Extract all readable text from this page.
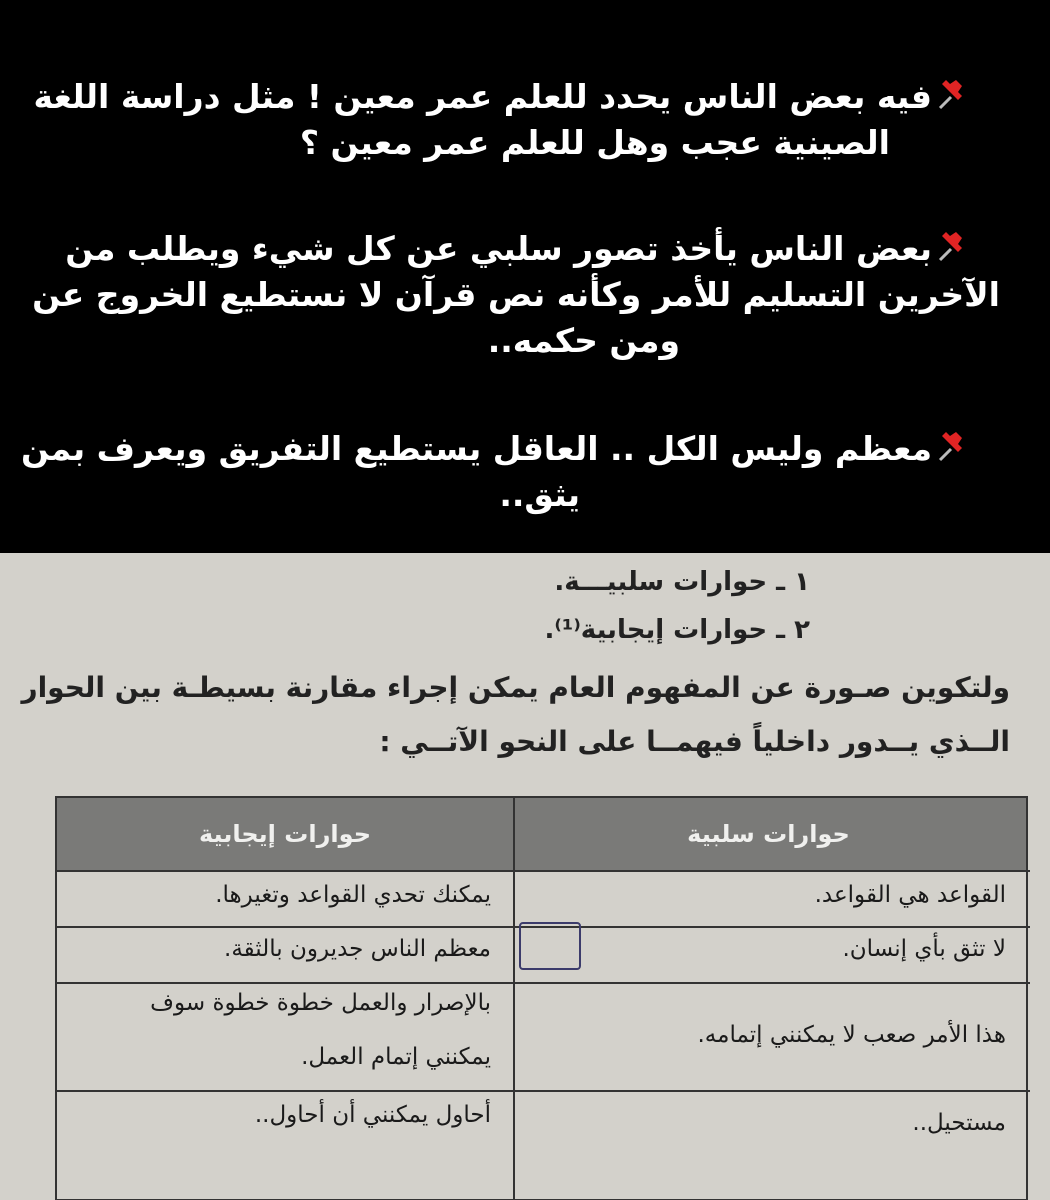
فيه بعض الناس يحدد للعلم عمر معين ! مثل دراسة اللغة
الصينية عجب وهل للعلم عمر معين ؟
بعض الناس يأخذ تصور سلبي عن كل شيء ويطلب من
الآخرين التسليم للأمر وكأنه نص قرآن لا نستطيع الخروج عن
ومن حكمه..
معظم وليس الكل .. العاقل يستطيع التفريق ويعرف بمن
يثق..
١ ـ حوارات سلبيـــة.
٢ ـ حوارات إيجابية⁽¹⁾.
ولتكوين صـورة عن المفهوم العام يمكن إجراء مقارنة بسيطـة بين الحوار
الــذي يــدور داخلياً فيهمــا على النحو الآتــي :
حوارات سلبية
حوارات إيجابية
القواعد هي القواعد.
يمكنك تحدي القواعد وتغيرها.
لا تثق بأي إنسان.
معظم الناس جديرون بالثقة.
هذا الأمر صعب لا يمكنني إتمامه.
بالإصرار والعمل خطوة خطوة سوف
يمكنني إتمام العمل.
مستحيل..
أحاول يمكنني أن أحاول..
